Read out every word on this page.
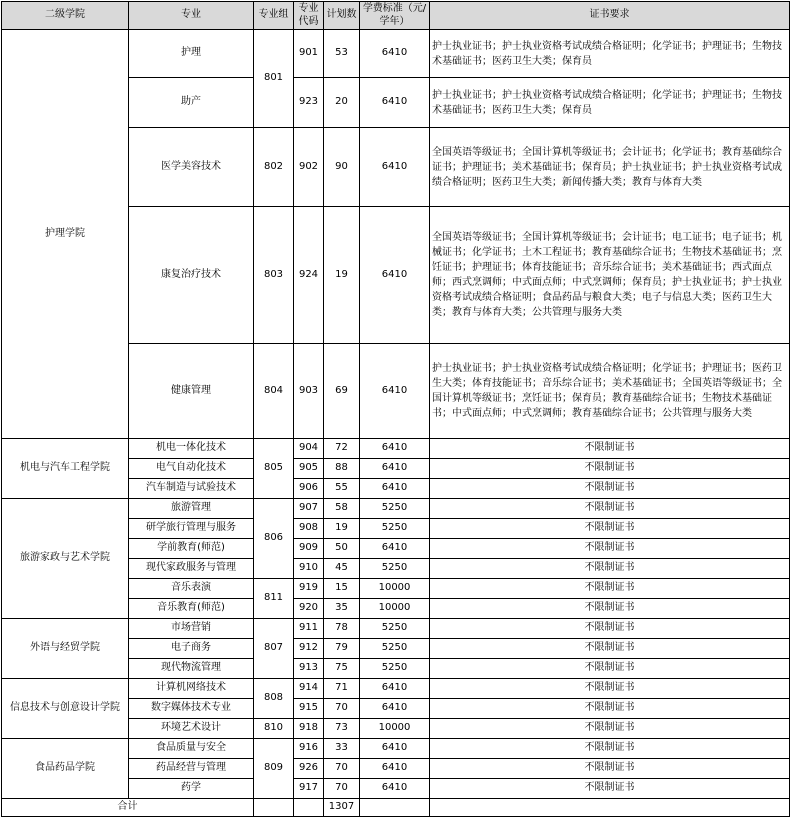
二级学院	专业	专业组	专业代码	计划数	学费标准（元/学年）	证书要求
护理学院	护理	801	901	53	6410	护士执业证书；护士执业资格考试成绩合格证明；化学证书；护理证书；生物技术基础证书；医药卫生大类；保育员
	助产		923	20	6410	护士执业证书；护士执业资格考试成绩合格证明；化学证书；护理证书；生物技术基础证书；医药卫生大类；保育员
	医学美容技术	802	902	90	6410	全国英语等级证书；全国计算机等级证书；会计证书；化学证书；教育基础综合证书；护理证书；美术基础证书；保育员；护士执业证书；护士执业资格考试成绩合格证明；医药卫生大类；新闻传播大类；教育与体育大类
	康复治疗技术	803	924	19	6410	全国英语等级证书；全国计算机等级证书；会计证书；电工证书；电子证书；机械证书；化学证书；土木工程证书；教育基础综合证书；生物技术基础证书；烹饪证书；护理证书；体育技能证书；音乐综合证书；美术基础证书；西式面点师；西式烹调师；中式面点师；中式烹调师；保育员；护士执业证书；护士执业资格考试成绩合格证明；食品药品与粮食大类；电子与信息大类；医药卫生大类；教育与体育大类；公共管理与服务大类
	健康管理	804	903	69	6410	护士执业证书；护士执业资格考试成绩合格证明；化学证书；护理证书；医药卫生大类；体育技能证书；音乐综合证书；美术基础证书；全国英语等级证书；全国计算机等级证书；烹饪证书；保育员；教育基础综合证书；生物技术基础证书；中式面点师；中式烹调师；教育基础综合证书；公共管理与服务大类
机电与汽车工程学院	机电一体化技术	805	904	72	6410	不限制证书
	电气自动化技术		905	88	6410	不限制证书
	汽车制造与试验技术		906	55	6410	不限制证书
旅游家政与艺术学院	旅游管理	806	907	58	5250	不限制证书
	研学旅行管理与服务		908	19	5250	不限制证书
	学前教育(师范)		909	50	6410	不限制证书
	现代家政服务与管理		910	45	5250	不限制证书
	音乐表演	811	919	15	10000	不限制证书
	音乐教育(师范)		920	35	10000	不限制证书
外语与经贸学院	市场营销	807	911	78	5250	不限制证书
	电子商务		912	79	5250	不限制证书
	现代物流管理		913	75	5250	不限制证书
信息技术与创意设计学院	计算机网络技术	808	914	71	6410	不限制证书
	数字媒体技术专业		915	70	6410	不限制证书
	环境艺术设计	810	918	73	10000	不限制证书
食品药品学院	食品质量与安全	809	916	33	6410	不限制证书
	药品经营与管理		926	70	6410	不限制证书
	药学		917	70	6410	不限制证书
合计				1307		
